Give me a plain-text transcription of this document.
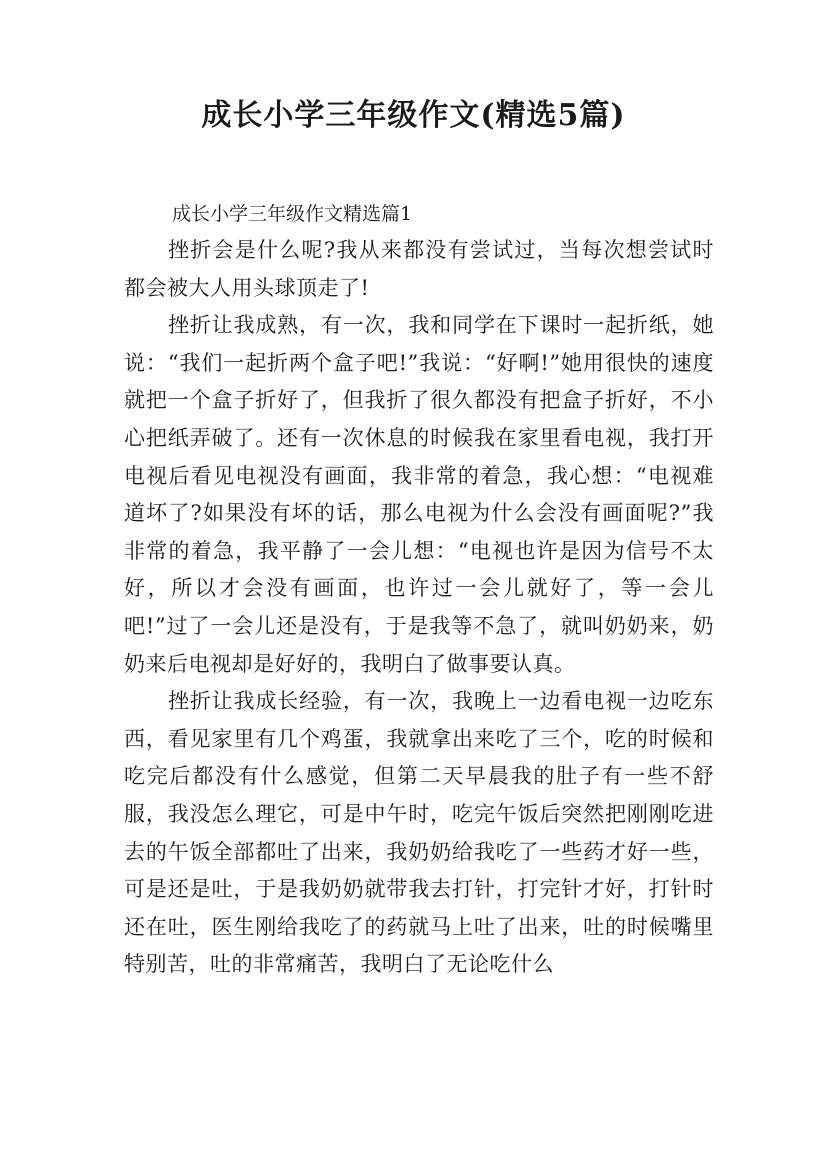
成长小学三年级作文(精选5篇)
成长小学三年级作文精选篇1

挫折会是什么呢?我从来都没有尝试过，当每次想尝试时都会被大人用头球顶走了!

挫折让我成熟，有一次，我和同学在下课时一起折纸，她说：“我们一起折两个盒子吧!”我说：“好啊!”她用很快的速度就把一个盒子折好了，但我折了很久都没有把盒子折好，不小心把纸弄破了。还有一次休息的时候我在家里看电视，我打开电视后看见电视没有画面，我非常的着急，我心想：“电视难道坏了?如果没有坏的话，那么电视为什么会没有画面呢?”我非常的着急，我平静了一会儿想：“电视也许是因为信号不太好，所以才会没有画面，也许过一会儿就好了，等一会儿吧!”过了一会儿还是没有，于是我等不急了，就叫奶奶来，奶奶来后电视却是好好的，我明白了做事要认真。

挫折让我成长经验，有一次，我晚上一边看电视一边吃东西，看见家里有几个鸡蛋，我就拿出来吃了三个，吃的时候和吃完后都没有什么感觉，但第二天早晨我的肚子有一些不舒服，我没怎么理它，可是中午时，吃完午饭后突然把刚刚吃进去的午饭全部都吐了出来，我奶奶给我吃了一些药才好一些，可是还是吐，于是我奶奶就带我去打针，打完针才好，打针时还在吐，医生刚给我吃了的药就马上吐了出来，吐的时候嘴里特别苦，吐的非常痛苦，我明白了无论吃什么
